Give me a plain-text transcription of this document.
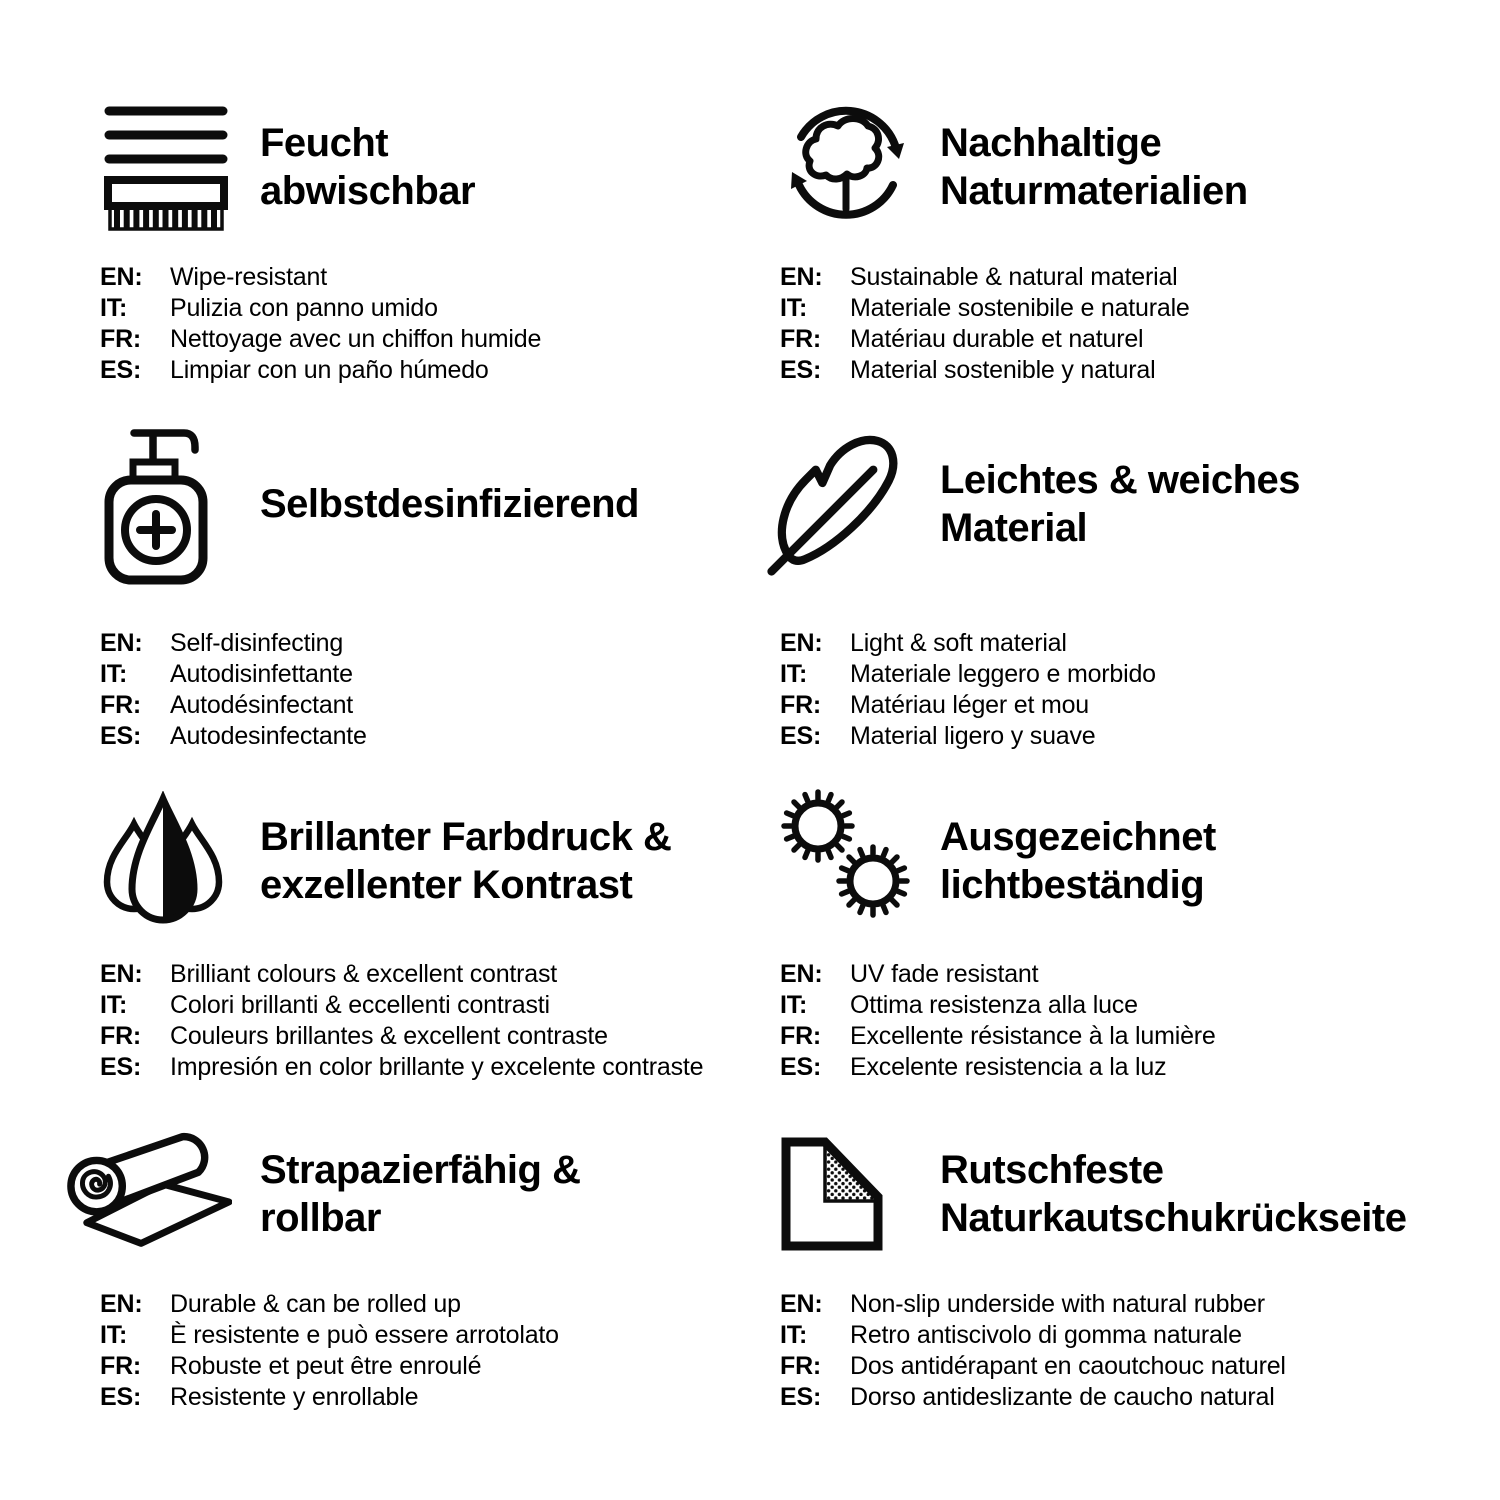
Feucht
abwischbar
EN:	Wipe-resistant
IT:	Pulizia con panno umido
FR:	Nettoyage avec un chiffon humide
ES:	Limpiar con un paño húmedo
Nachhaltige
Naturmaterialien
EN:	Sustainable & natural material
IT:	Materiale sostenibile e naturale
FR:	Matériau durable et naturel
ES:	Material sostenible y natural
Selbstdesinfizierend
EN:	Self-disinfecting
IT:	Autodisinfettante
FR:	Autodésinfectant
ES:	Autodesinfectante
Leichtes & weiches
Material
EN:	Light & soft material
IT:	Materiale leggero e morbido
FR:	Matériau léger et mou
ES:	Material ligero y suave
Brillanter Farbdruck &
exzellenter Kontrast
EN:	Brilliant colours & excellent contrast
IT:	Colori brillanti & eccellenti contrasti
FR:	Couleurs brillantes & excellent contraste
ES:	Impresión en color brillante y excelente contraste
Ausgezeichnet
lichtbeständig
EN:	UV fade resistant
IT:	Ottima resistenza alla luce
FR:	Excellente résistance à la lumière
ES:	Excelente resistencia a la luz
Strapazierfähig &
rollbar
EN:	Durable & can be rolled up
IT:	È resistente e può essere arrotolato
FR:	Robuste et peut être enroulé
ES:	Resistente y enrollable
Rutschfeste
Naturkautschukrückseite
EN:	Non-slip underside with natural rubber
IT:	Retro antiscivolo di gomma naturale
FR:	Dos antidérapant en caoutchouc naturel
ES:	Dorso antideslizante de caucho natural
